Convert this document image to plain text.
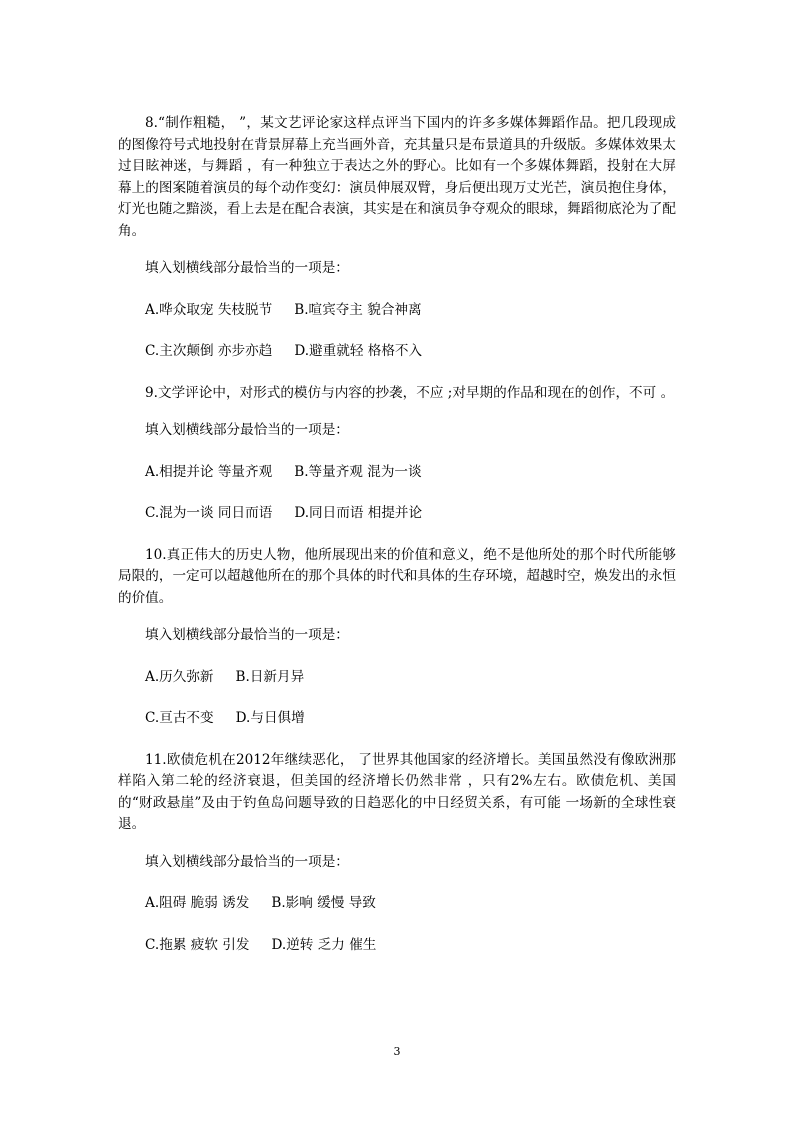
8.“制作粗糙， ”，某文艺评论家这样点评当下国内的许多多媒体舞蹈作品。把几段现成的图像符号式地投射在背景屏幕上充当画外音，充其量只是布景道具的升级版。多媒体效果太过目眩神迷，与舞蹈 ，有一种独立于表达之外的野心。比如有一个多媒体舞蹈，投射在大屏幕上的图案随着演员的每个动作变幻：演员伸展双臂，身后便出现万丈光芒，演员抱住身体，灯光也随之黯淡，看上去是在配合表演，其实是在和演员争夺观众的眼球，舞蹈彻底沦为了配角。

填入划横线部分最恰当的一项是：

A.哗众取宠 失枝脱节 B.喧宾夺主 貌合神离
C.主次颠倒 亦步亦趋 D.避重就轻 格格不入

9.文学评论中，对形式的模仿与内容的抄袭，不应 ;对早期的作品和现在的创作，不可 。

填入划横线部分最恰当的一项是：

A.相提并论 等量齐观 B.等量齐观 混为一谈
C.混为一谈 同日而语 D.同日而语 相提并论

10.真正伟大的历史人物，他所展现出来的价值和意义，绝不是他所处的那个时代所能够局限的，一定可以超越他所在的那个具体的时代和具体的生存环境，超越时空，焕发出的永恒的价值。

填入划横线部分最恰当的一项是：

A.历久弥新 B.日新月异
C.亘古不变 D.与日俱增

11.欧债危机在2012年继续恶化， 了世界其他国家的经济增长。美国虽然没有像欧洲那样陷入第二轮的经济衰退，但美国的经济增长仍然非常 ，只有2%左右。欧债危机、美国的“财政悬崖”及由于钓鱼岛问题导致的日趋恶化的中日经贸关系，有可能 一场新的全球性衰退。

填入划横线部分最恰当的一项是：

A.阻碍 脆弱 诱发 B.影响 缓慢 导致
C.拖累 疲软 引发 D.逆转 乏力 催生
3
